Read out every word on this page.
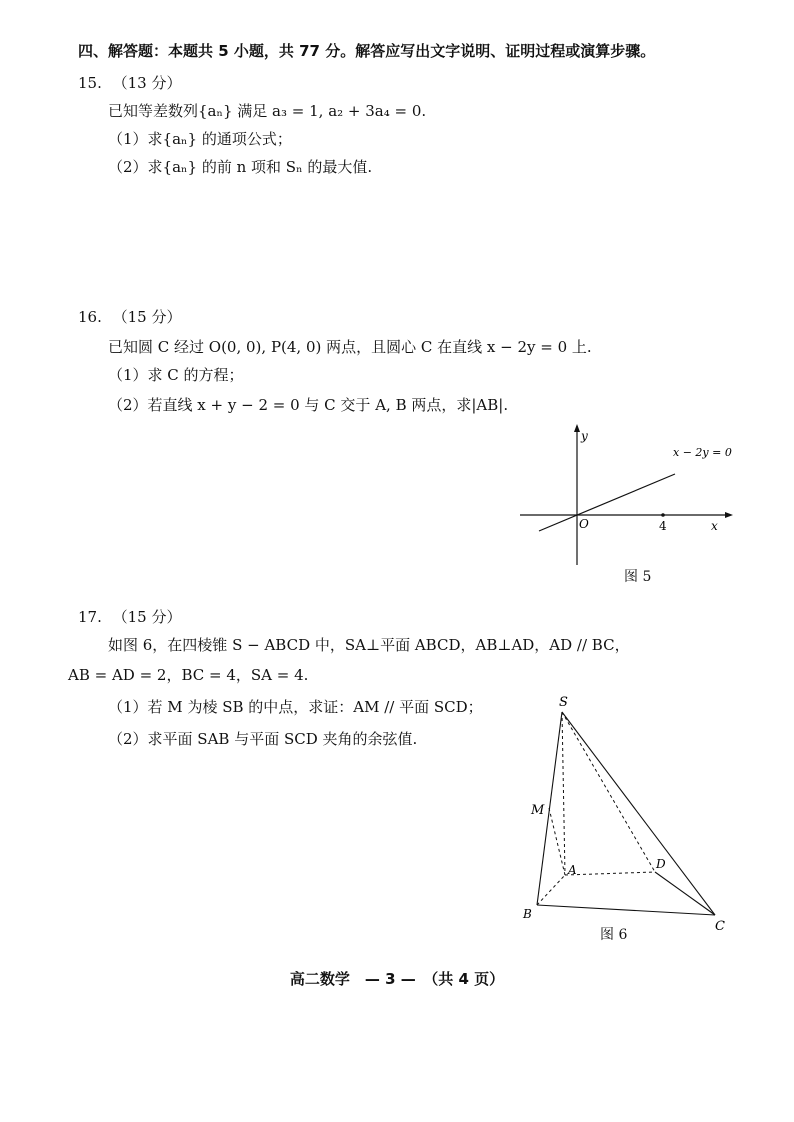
四、解答题：本题共 5 小题，共 77 分。解答应写出文字说明、证明过程或演算步骤。
15. （13 分）
已知等差数列{aₙ} 满足 a₃ = 1, a₂ + 3a₄ = 0.
（1）求{aₙ} 的通项公式；
（2）求{aₙ} 的前 n 项和 Sₙ 的最大值.
16. （15 分）
已知圆 C 经过 O(0, 0), P(4, 0) 两点，且圆心 C 在直线 x − 2y = 0 上.
（1）求 C 的方程；
（2）若直线 x + y − 2 = 0 与 C 交于 A, B 两点，求|AB|.
y
x
O	4
x − 2y = 0
图 5
17. （15 分）
如图 6，在四棱锥 S − ABCD 中，SA⊥平面 ABCD，AB⊥AD，AD // BC，
AB = AD = 2，BC = 4，SA = 4.
（1）若 M 为棱 SB 的中点，求证：AM // 平面 SCD；
（2）求平面 SAB 与平面 SCD 夹角的余弦值.
S
M
A	D
B
C
图 6
高二数学　— 3 —　（共 4 页）
